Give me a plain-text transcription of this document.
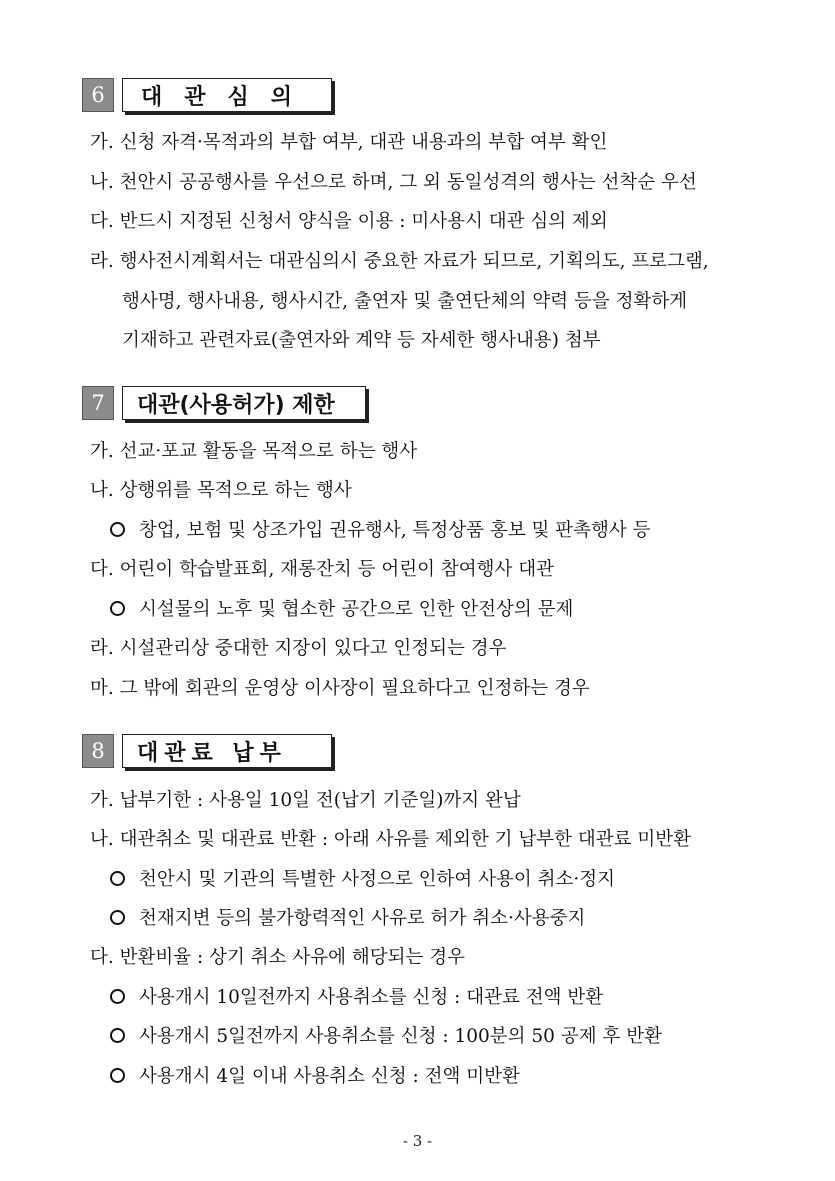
6	대관심의
가. 신청 자격·목적과의 부합 여부, 대관 내용과의 부합 여부 확인
나. 천안시 공공행사를 우선으로 하며, 그 외 동일성격의 행사는 선착순 우선
다. 반드시 지정된 신청서 양식을 이용 : 미사용시 대관 심의 제외
라. 행사전시계획서는 대관심의시 중요한 자료가 되므로, 기획의도, 프로그램,
행사명, 행사내용, 행사시간, 출연자 및 출연단체의 약력 등을 정확하게
기재하고 관련자료(출연자와 계약 등 자세한 행사내용) 첨부
7	대관(사용허가) 제한
가. 선교·포교 활동을 목적으로 하는 행사
나. 상행위를 목적으로 하는 행사
창업, 보험 및 상조가입 권유행사, 특정상품 홍보 및 판촉행사 등
다. 어린이 학습발표회, 재롱잔치 등 어린이 참여행사 대관
시설물의 노후 및 협소한 공간으로 인한 안전상의 문제
라. 시설관리상 중대한 지장이 있다고 인정되는 경우
마. 그 밖에 회관의 운영상 이사장이 필요하다고 인정하는 경우
8	대관료 납부
가. 납부기한 : 사용일 10일 전(납기 기준일)까지 완납
나. 대관취소 및 대관료 반환 : 아래 사유를 제외한 기 납부한 대관료 미반환
천안시 및 기관의 특별한 사정으로 인하여 사용이 취소·정지
천재지변 등의 불가항력적인 사유로 허가 취소·사용중지
다. 반환비율 : 상기 취소 사유에 해당되는 경우
사용개시 10일전까지 사용취소를 신청 : 대관료 전액 반환
사용개시 5일전까지 사용취소를 신청 : 100분의 50 공제 후 반환
사용개시 4일 이내 사용취소 신청 : 전액 미반환
- 3 -
